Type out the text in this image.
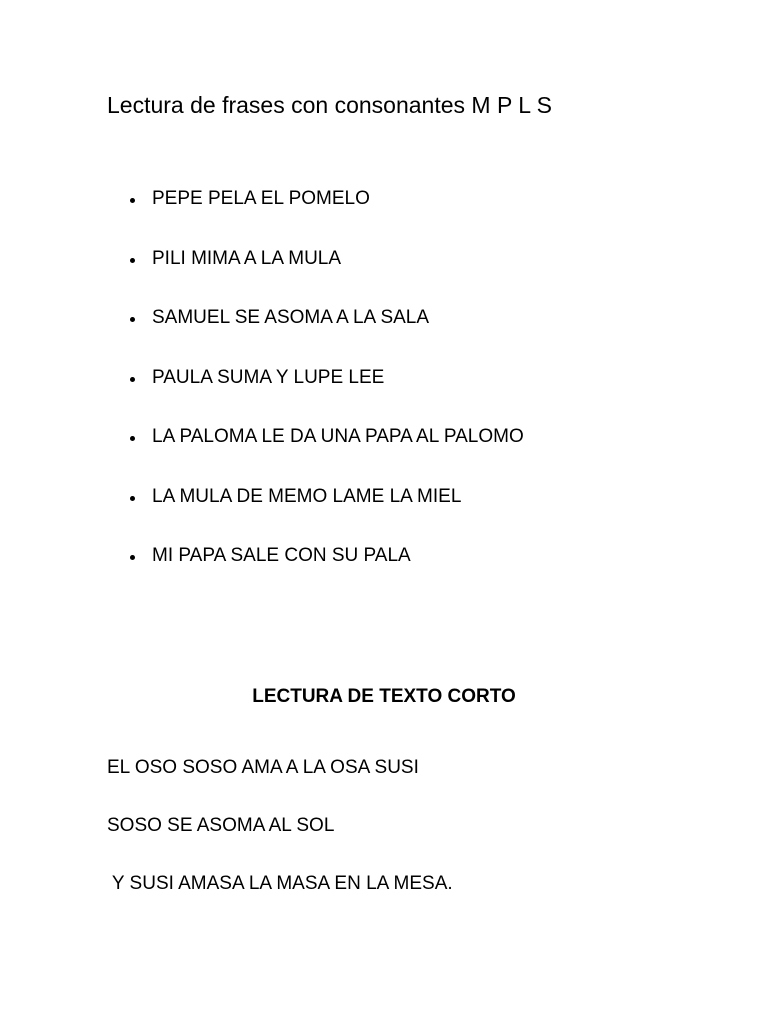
Lectura de frases con consonantes M P L S
PEPE PELA EL POMELO
PILI MIMA A LA MULA
SAMUEL SE ASOMA A LA SALA
PAULA SUMA Y LUPE LEE
LA PALOMA LE DA UNA PAPA AL PALOMO
LA MULA DE MEMO LAME LA MIEL
MI PAPA SALE CON SU PALA
LECTURA DE TEXTO CORTO

EL OSO SOSO AMA A LA OSA SUSI

SOSO SE ASOMA AL SOL

Y SUSI AMASA LA MASA EN LA MESA.
